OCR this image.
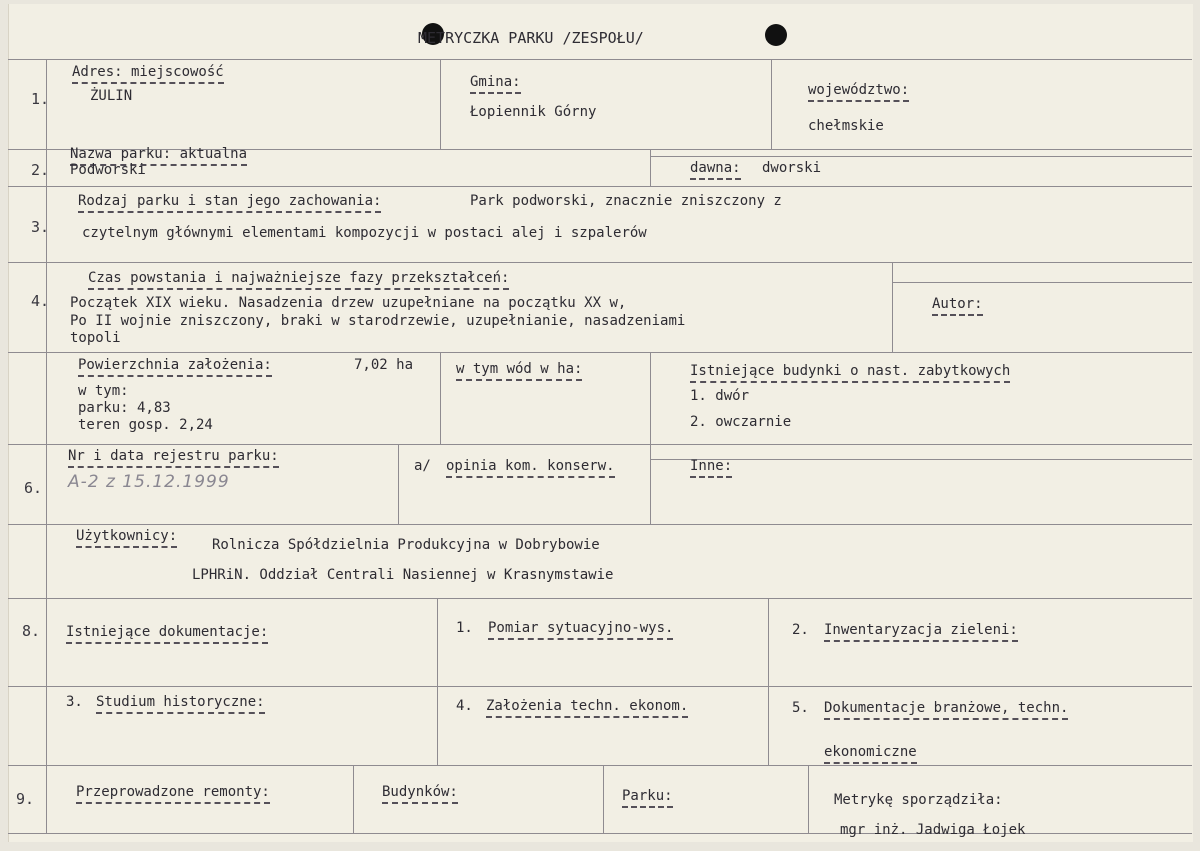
METRYCZKA PARKU /ZESPOŁU/
1.
Adres: miejscowość
ŻULIN
Gmina:
Łopiennik Górny
województwo:
chełmskie
2.
Nazwa parku: aktualna
Podworski	dawna: dworski
3.
Rodzaj parku i stan jego zachowania:	Park podworski, znacznie zniszczony z
czytelnym głównymi elementami kompozycji w postaci alej i szpalerów
4.
Czas powstania i najważniejsze fazy przekształceń:
Początek XIX wieku. Nasadzenia drzew uzupełniane na początku XX w,
Po II wojnie zniszczony, braki w starodrzewie, uzupełnianie, nasadzeniami
topoli
Autor:
Powierzchnia założenia:	7,02 ha
w tym:
parku: 4,83
teren gosp. 2,24
w tym wód w ha:	Istniejące budynki o nast. zabytkowych
1. dwór
2. owczarnie
6.
Nr i data rejestru parku:
A-2 z 15.12.1999
a/ opinia kom. konserw.	Inne:
Użytkownicy:
Rolnicza Spółdzielnia Produkcyjna w Dobrybowie
LPHRiN. Oddział Centrali Nasiennej w Krasnymstawie
8. Istniejące dokumentacje:	1. Pomiar sytuacyjno-wys.	2. Inwentaryzacja zieleni:
3. Studium historyczne:	4. Założenia techn. ekonom.	5. Dokumentacje branżowe, techn.
ekonomiczne
9.	Przeprowadzone remonty:	Budynków:	Parku:	Metrykę sporządziła:
mgr inż. Jadwiga Łojek
